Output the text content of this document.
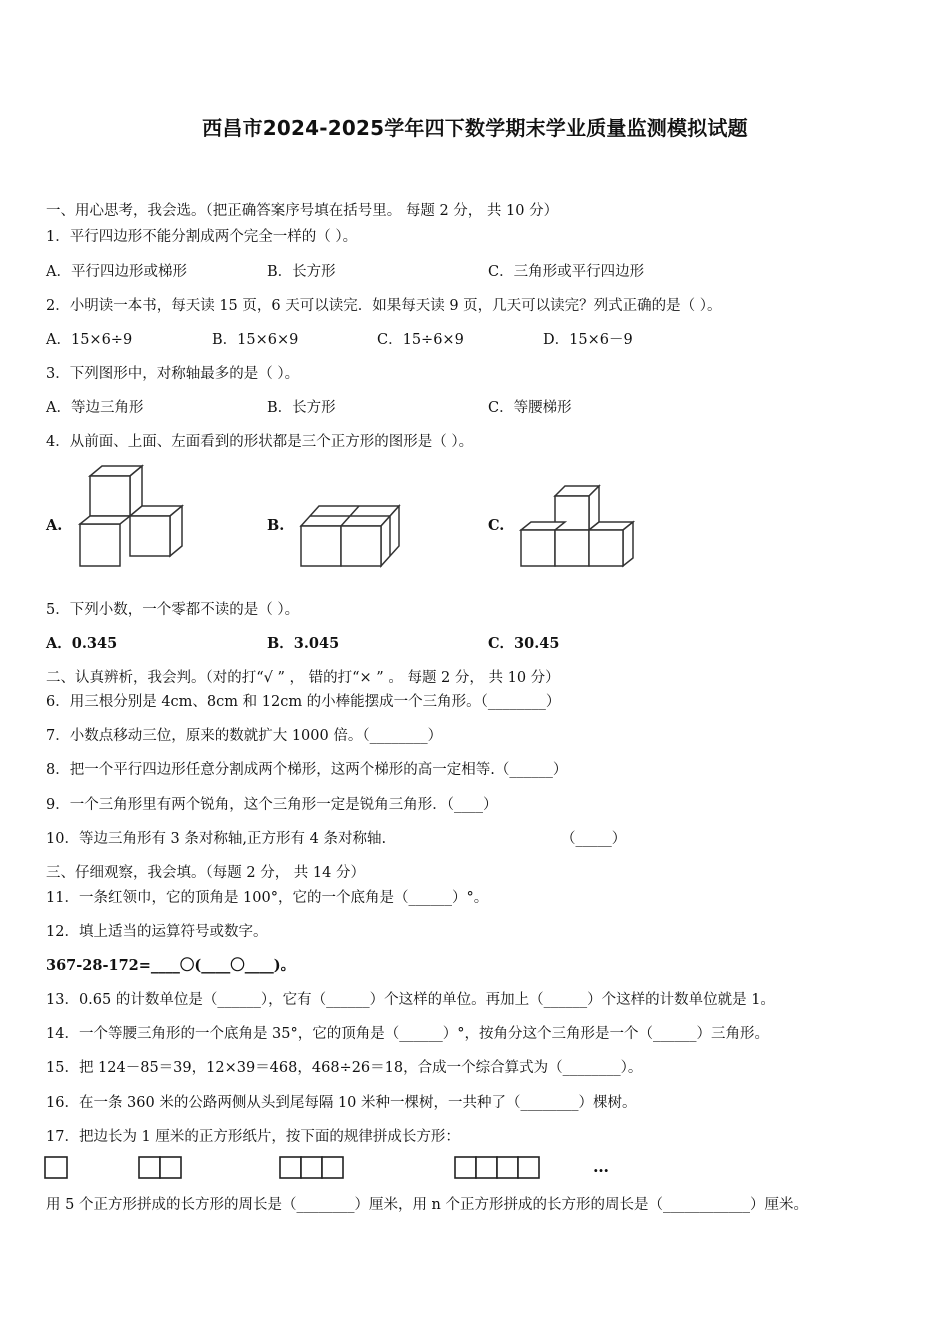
西昌市2024-2025学年四下数学期末学业质量监测模拟试题
一、用心思考，我会选。（把正确答案序号填在括号里。 每题 2 分， 共 10 分）
1．平行四边形不能分割成两个完全一样的（ ）。
A．平行四边形或梯形	B．长方形	C．三角形或平行四边形
2．小明读一本书，每天读 15 页，6 天可以读完．如果每天读 9 页，几天可以读完？列式正确的是（ ）。
A．15×6÷9	B．15×6×9	C．15÷6×9	D．15×6－9
3．下列图形中，对称轴最多的是（ ）。
A．等边三角形	B．长方形	C．等腰梯形
4．从前面、上面、左面看到的形状都是三个正方形的图形是（ ）。
A.	B.	C.
5．下列小数，一个零都不读的是（ ）。
A．0.345	B．3.045	C．30.45
二、认真辨析，我会判。（对的打“√ ” ， 错的打“× ” 。 每题 2 分， 共 10 分）
6．用三根分别是 4cm、8cm 和 12cm 的小棒能摆成一个三角形。（________）
7．小数点移动三位，原来的数就扩大 1000 倍。（________）
8．把一个平行四边形任意分割成两个梯形，这两个梯形的高一定相等.（______）
9．一个三角形里有两个锐角，这个三角形一定是锐角三角形．（____）
10．等边三角形有 3 条对称轴,正方形有 4 条对称轴.	（_____）
三、仔细观察，我会填。（每题 2 分， 共 14 分）
11．一条红领巾，它的顶角是 100°，它的一个底角是（______）°。
12．填上适当的运算符号或数字。
367-28-172=____〇(____〇____)。
13．0.65 的计数单位是（______），它有（______）个这样的单位。再加上（______）个这样的计数单位就是 1。
14．一个等腰三角形的一个底角是 35°，它的顶角是（______）°，按角分这个三角形是一个（______）三角形。
15．把 124－85＝39，12×39＝468，468÷26＝18，合成一个综合算式为（________）。
16．在一条 360 米的公路两侧从头到尾每隔 10 米种一棵树，一共种了（________）棵树。
17．把边长为 1 厘米的正方形纸片，按下面的规律拼成长方形：
…
用 5 个正方形拼成的长方形的周长是（________）厘米，用 n 个正方形拼成的长方形的周长是（____________）厘米。
